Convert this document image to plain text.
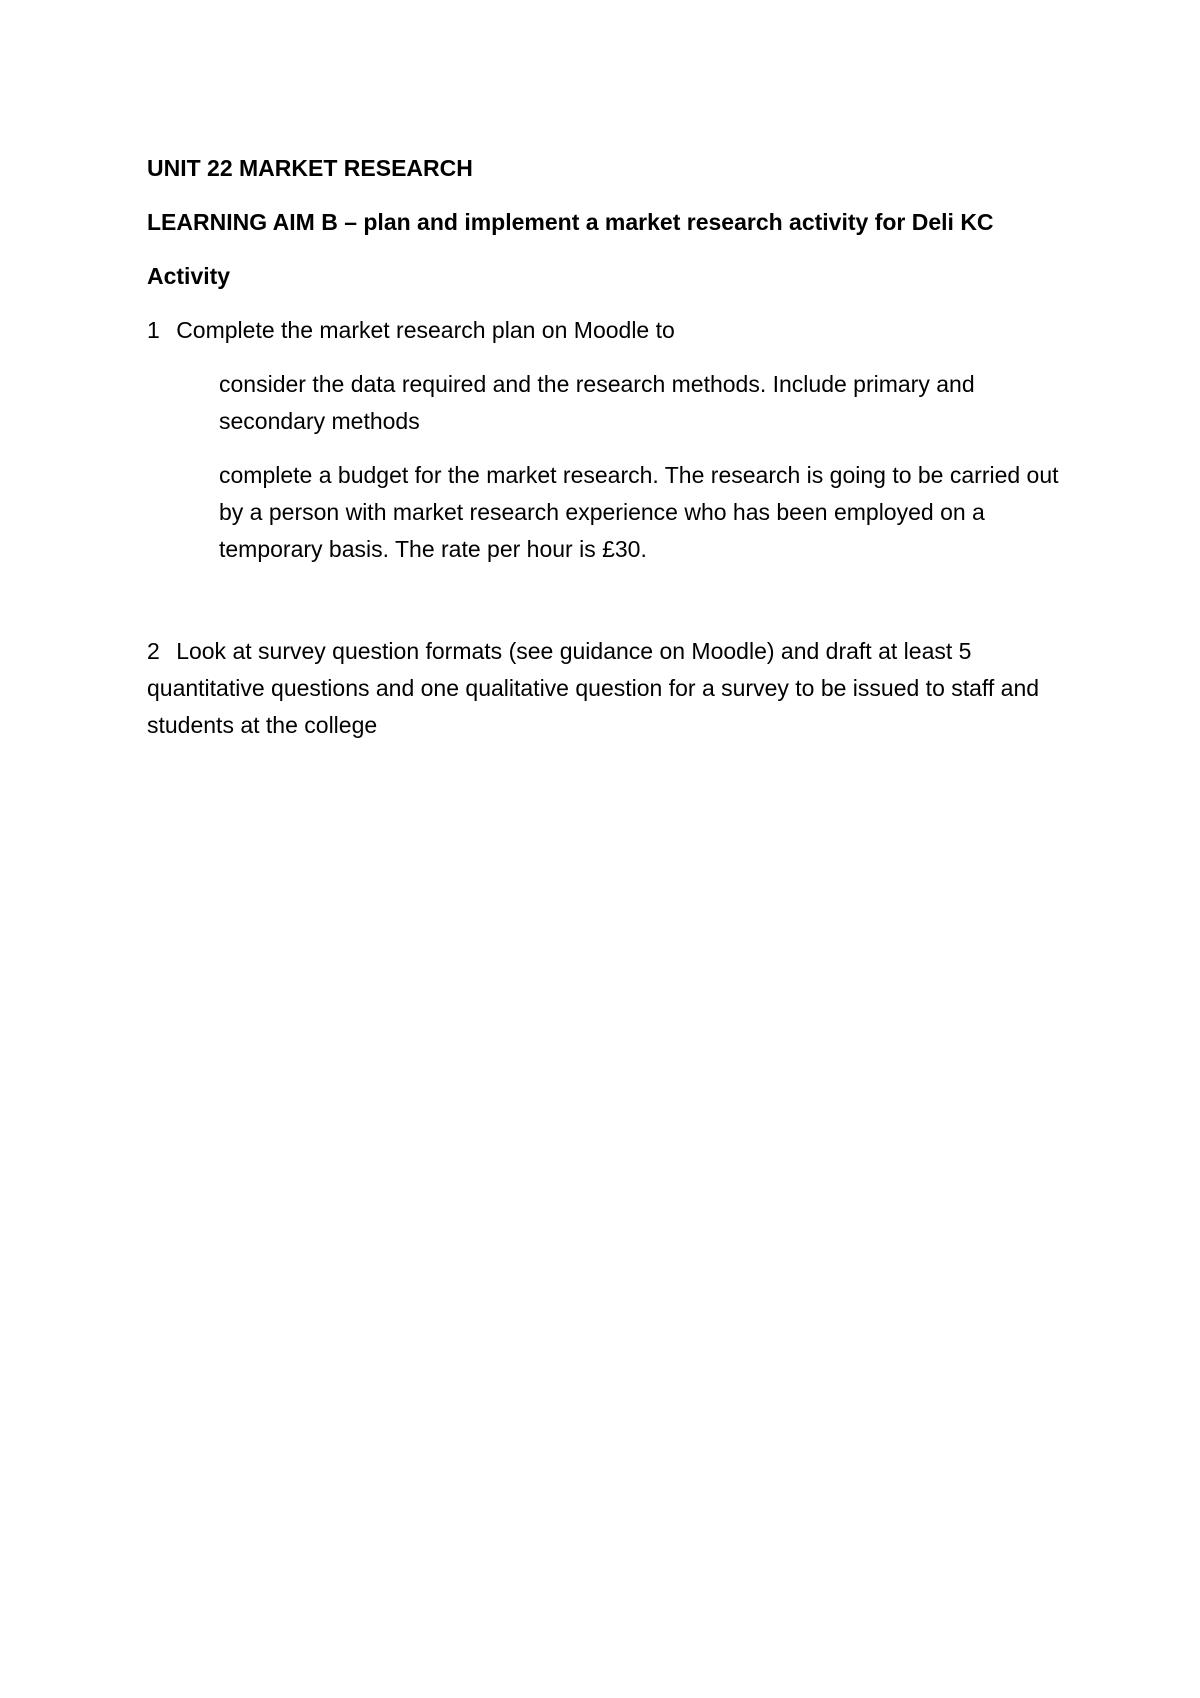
UNIT 22 MARKET RESEARCH

LEARNING AIM B – plan and implement a market research activity for Deli KC

Activity

1 Complete the market research plan on Moodle to

consider the data required and the research methods. Include primary and secondary methods

complete a budget for the market research. The research is going to be carried out by a person with market research experience who has been employed on a temporary basis. The rate per hour is £30.

2 Look at survey question formats (see guidance on Moodle) and draft at least 5 quantitative questions and one qualitative question for a survey to be issued to staff and students at the college
